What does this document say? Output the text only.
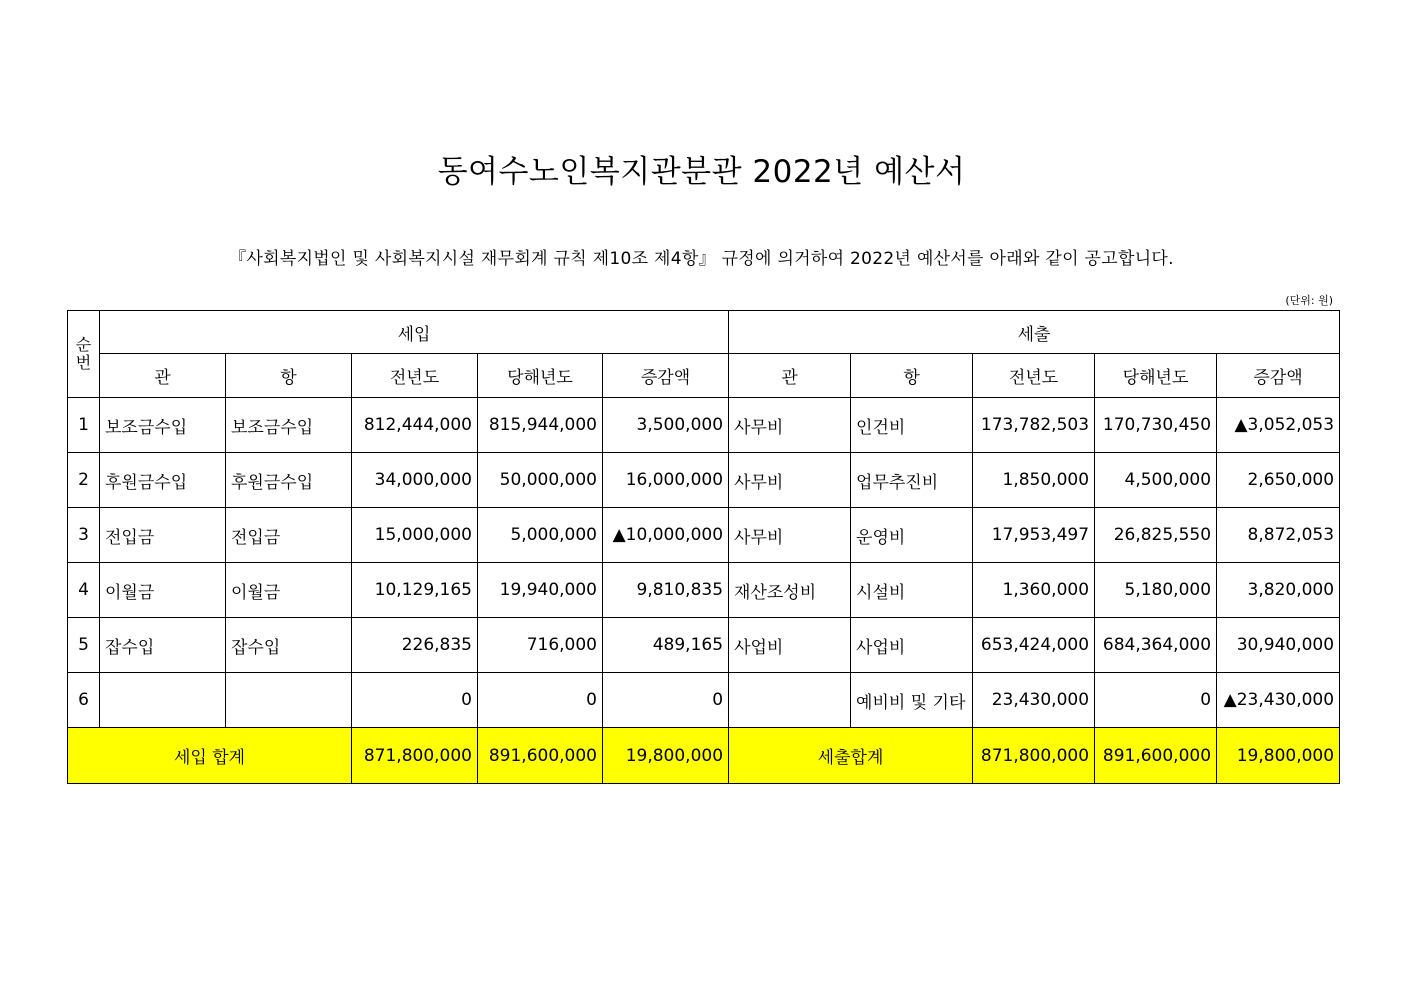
동여수노인복지관분관 2022년 예산서
『사회복지법인 및 사회복지시설 재무회계 규칙 제10조 제4항』 규정에 의거하여 2022년 예산서를 아래와 같이 공고합니다.
(단위: 원)
순
번	세입					세출				
	관	항	전년도	당해년도	증감액	관	항	전년도	당해년도	증감액
1	보조금수입	보조금수입	812,444,000	815,944,000	3,500,000	사무비	인건비	173,782,503	170,730,450	▲3,052,053
2	후원금수입	후원금수입	34,000,000	50,000,000	16,000,000	사무비	업무추진비	1,850,000	4,500,000	2,650,000
3	전입금	전입금	15,000,000	5,000,000	▲10,000,000	사무비	운영비	17,953,497	26,825,550	8,872,053
4	이월금	이월금	10,129,165	19,940,000	9,810,835	재산조성비	시설비	1,360,000	5,180,000	3,820,000
5	잡수입	잡수입	226,835	716,000	489,165	사업비	사업비	653,424,000	684,364,000	30,940,000
6			0	0	0		예비비 및 기타	23,430,000	0	▲23,430,000
세입 합계			871,800,000	891,600,000	19,800,000	세출합계		871,800,000	891,600,000	19,800,000
